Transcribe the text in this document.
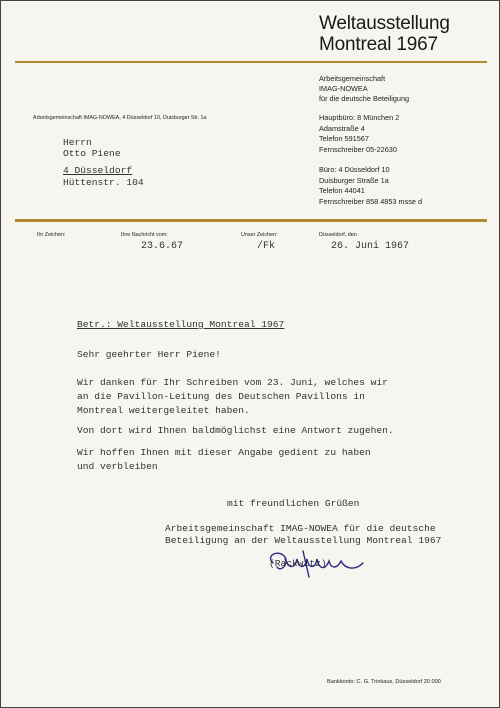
Weltausstellung
Montreal 1967
Arbeitsgemeinschaft
IMAG-NOWEA
für die deutsche Beteiligung
Hauptbüro: 8 München 2
Adamstraße 4
Telefon 591567
Fernschreiber 05-22630
Büro: 4 Düsseldorf 10
Duisburger Straße 1a
Telefon 44041
Fernschreiber 858 4853 msse d
Arbeitsgemeinschaft IMAG-NOWEA, 4 Düsseldorf 10, Duisburger Str. 1a
Herrn
Otto Piene
4 Düsseldorf
Hüttenstr. 104
Ihr Zeichen:	Ihre Nachricht vom:
23.6.67
Unser Zeichen:
/Fk
Düsseldorf, den
26. Juni 1967
Betr.: Weltausstellung Montreal 1967
Sehr geehrter Herr Piene!
Wir danken für Ihr Schreiben vom 23. Juni, welches wir
an die Pavillon-Leitung des Deutschen Pavillons in
Montreal weitergeleitet haben.
Von dort wird Ihnen baldmöglichst eine Antwort zugehen.
Wir hoffen Ihnen mit dieser Angabe gedient zu haben
und verbleiben
mit freundlichen Grüßen
Arbeitsgemeinschaft IMAG-NOWEA für die deutsche
Beteiligung an der Weltausstellung Montreal 1967
(Rackwitz)
Bankkonto: C. G. Trinkaus, Düsseldorf 20 000
